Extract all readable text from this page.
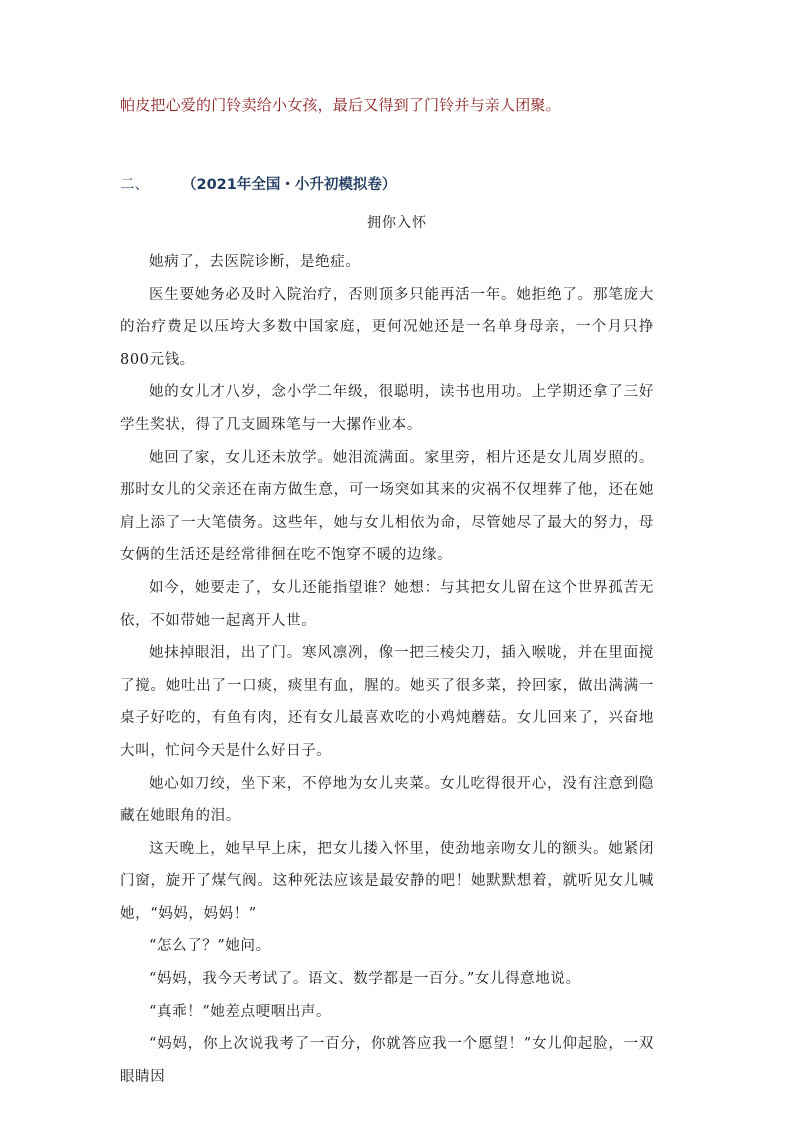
帕皮把心爱的门铃卖给小女孩，最后又得到了门铃并与亲人团聚。
二、 （2021年全国・小升初模拟卷）
拥你入怀

她病了，去医院诊断，是绝症。

医生要她务必及时入院治疗，否则顶多只能再活一年。她拒绝了。那笔庞大的治疗费足以压垮大多数中国家庭，更何况她还是一名单身母亲，一个月只挣800元钱。

她的女儿才八岁，念小学二年级，很聪明，读书也用功。上学期还拿了三好学生奖状，得了几支圆珠笔与一大摞作业本。

她回了家，女儿还未放学。她泪流满面。家里旁，相片还是女儿周岁照的。那时女儿的父亲还在南方做生意，可一场突如其来的灾祸不仅埋葬了他，还在她肩上添了一大笔债务。这些年，她与女儿相依为命，尽管她尽了最大的努力，母女俩的生活还是经常徘徊在吃不饱穿不暖的边缘。

如今，她要走了，女儿还能指望谁？她想：与其把女儿留在这个世界孤苦无依，不如带她一起离开人世。

她抹掉眼泪，出了门。寒风凛冽，像一把三棱尖刀，插入喉咙，并在里面搅了搅。她吐出了一口痰，痰里有血，腥的。她买了很多菜，拎回家，做出满满一桌子好吃的，有鱼有肉，还有女儿最喜欢吃的小鸡炖蘑菇。女儿回来了，兴奋地大叫，忙问今天是什么好日子。

她心如刀绞，坐下来，不停地为女儿夹菜。女儿吃得很开心，没有注意到隐藏在她眼角的泪。

这天晚上，她早早上床，把女儿搂入怀里，使劲地亲吻女儿的额头。她紧闭门窗，旋开了煤气阀。这种死法应该是最安静的吧！她默默想着，就听见女儿喊她，“妈妈，妈妈！”

“怎么了？”她问。

“妈妈，我今天考试了。语文、数学都是一百分。”女儿得意地说。

“真乖！”她差点哽咽出声。

“妈妈，你上次说我考了一百分，你就答应我一个愿望！”女儿仰起脸，一双眼睛因
